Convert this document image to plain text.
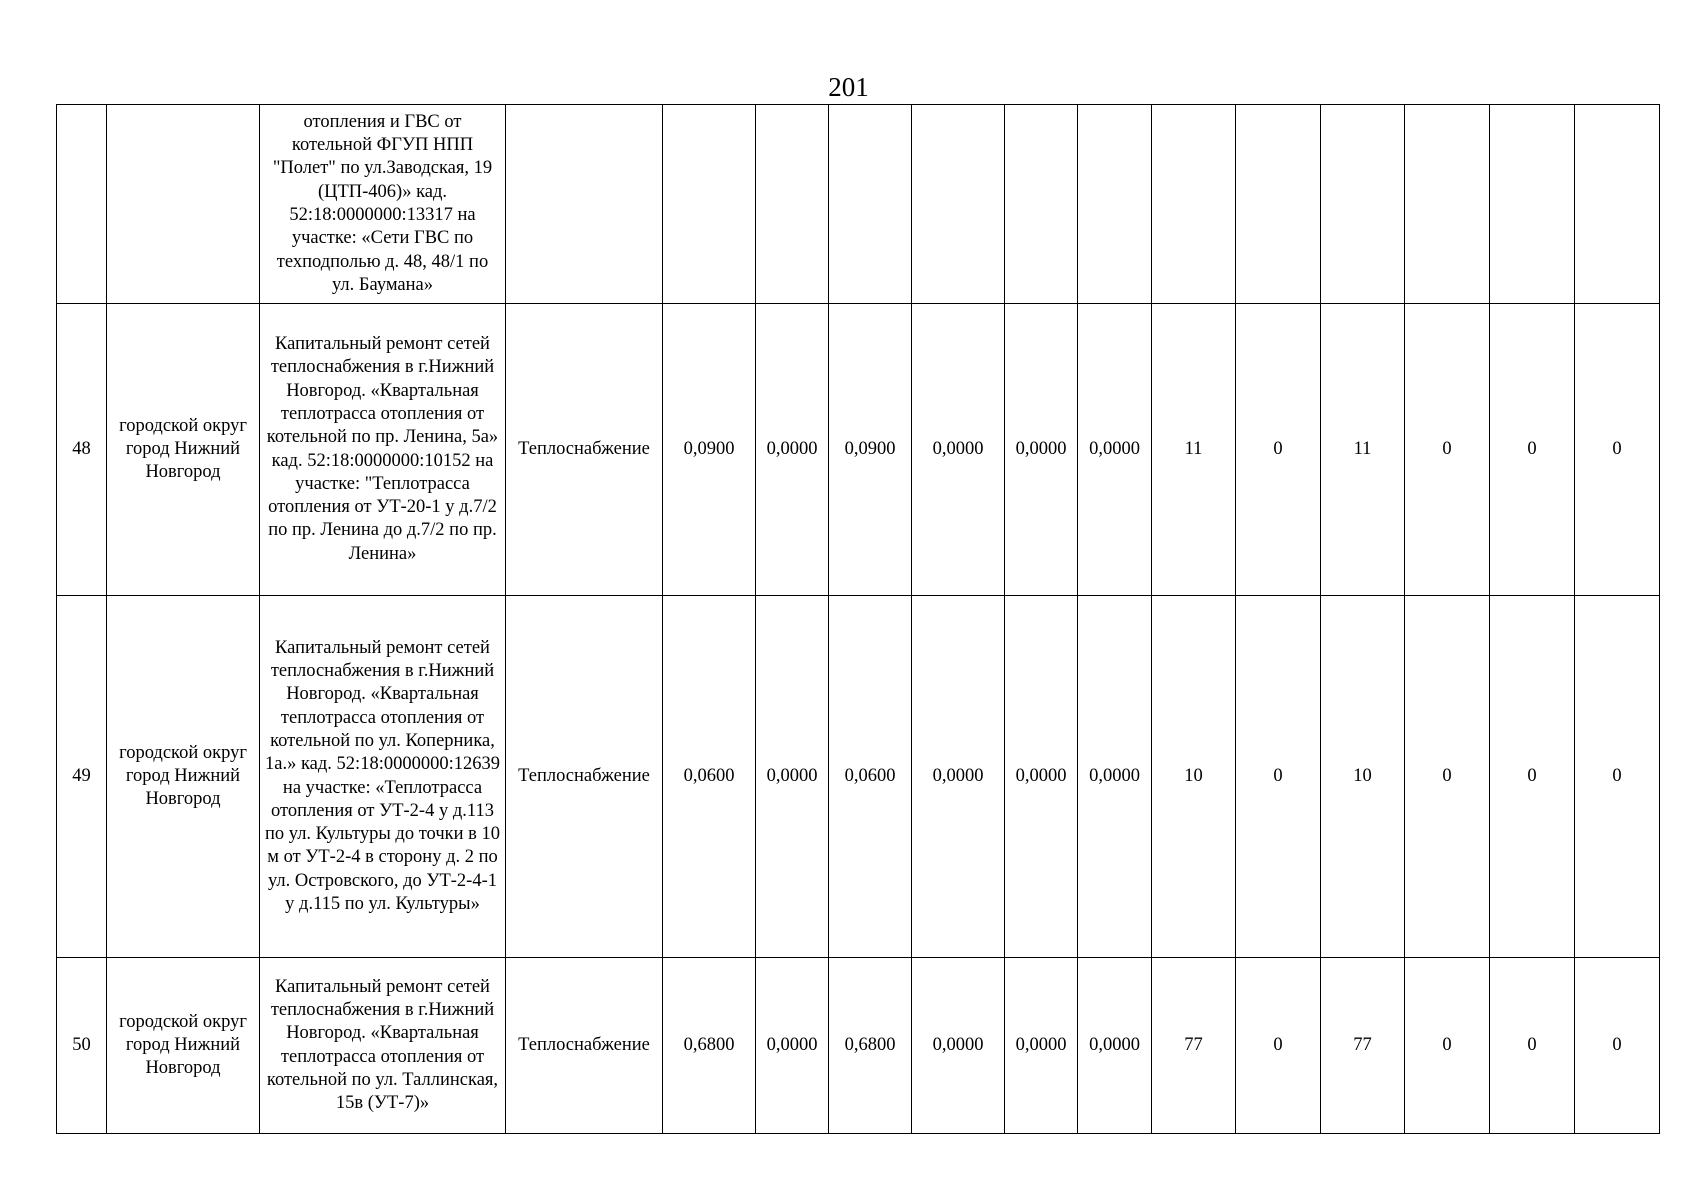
201
		отопления и ГВС от котельной ФГУП НПП "Полет" по ул.Заводская, 19 (ЦТП-406)» кад. 52:18:0000000:13317 на участке: «Сети ГВС по техподполью д. 48, 48/1 по ул. Баумана»													
48	городской округ город Нижний Новгород	Капитальный ремонт сетей теплоснабжения в г.Нижний Новгород. «Квартальная теплотрасса отопления от котельной по пр. Ленина, 5а» кад. 52:18:0000000:10152 на участке: "Теплотрасса отопления от УТ-20-1 у д.7/2 по пр. Ленина до д.7/2 по пр. Ленина»	Теплоснабжение	0,0900	0,0000	0,0900	0,0000	0,0000	0,0000	11	0	11	0	0	0
49	городской округ город Нижний Новгород	Капитальный ремонт сетей теплоснабжения в г.Нижний Новгород. «Квартальная теплотрасса отопления от котельной по ул. Коперника, 1а.» кад. 52:18:0000000:12639 на участке: «Теплотрасса отопления от УТ-2-4 у д.113 по ул. Культуры до точки в 10 м от УТ-2-4 в сторону д. 2 по ул. Островского, до УТ-2-4-1 у д.115 по ул. Культуры»	Теплоснабжение	0,0600	0,0000	0,0600	0,0000	0,0000	0,0000	10	0	10	0	0	0
50	городской округ город Нижний Новгород	Капитальный ремонт сетей теплоснабжения в г.Нижний Новгород. «Квартальная теплотрасса отопления от котельной по ул. Таллинская, 15в (УТ-7)»	Теплоснабжение	0,6800	0,0000	0,6800	0,0000	0,0000	0,0000	77	0	77	0	0	0
